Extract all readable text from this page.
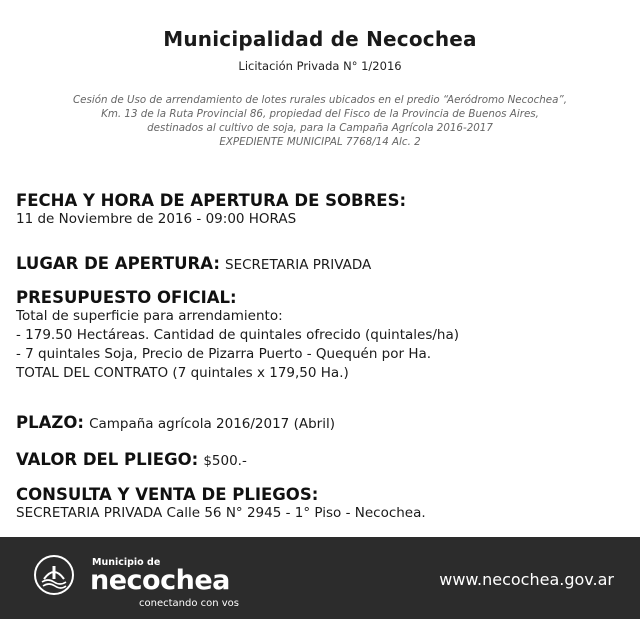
Municipalidad de Necochea
Licitación Privada N° 1/2016
Cesión de Uso de arrendamiento de lotes rurales ubicados en el predio “Aeródromo Necochea”,
Km. 13 de la Ruta Provincial 86, propiedad del Fisco de la Provincia de Buenos Aires,
destinados al cultivo de soja, para la Campaña Agrícola 2016-2017
EXPEDIENTE MUNICIPAL 7768/14 Alc. 2
FECHA Y HORA DE APERTURA DE SOBRES:
11 de Noviembre de 2016 - 09:00 HORAS
LUGAR DE APERTURA: SECRETARIA PRIVADA
PRESUPUESTO OFICIAL:
Total de superficie para arrendamiento:
- 179.50 Hectáreas. Cantidad de quintales ofrecido (quintales/ha)
- 7 quintales Soja, Precio de Pizarra Puerto - Quequén por Ha.
TOTAL DEL CONTRATO (7 quintales x 179,50 Ha.)
PLAZO: Campaña agrícola 2016/2017 (Abril)
VALOR DEL PLIEGO: $500.-
CONSULTA Y VENTA DE PLIEGOS:
SECRETARIA PRIVADA Calle 56 N° 2945 - 1° Piso - Necochea.
Municipio de
necochea
conectando con vos
www.necochea.gov.ar
